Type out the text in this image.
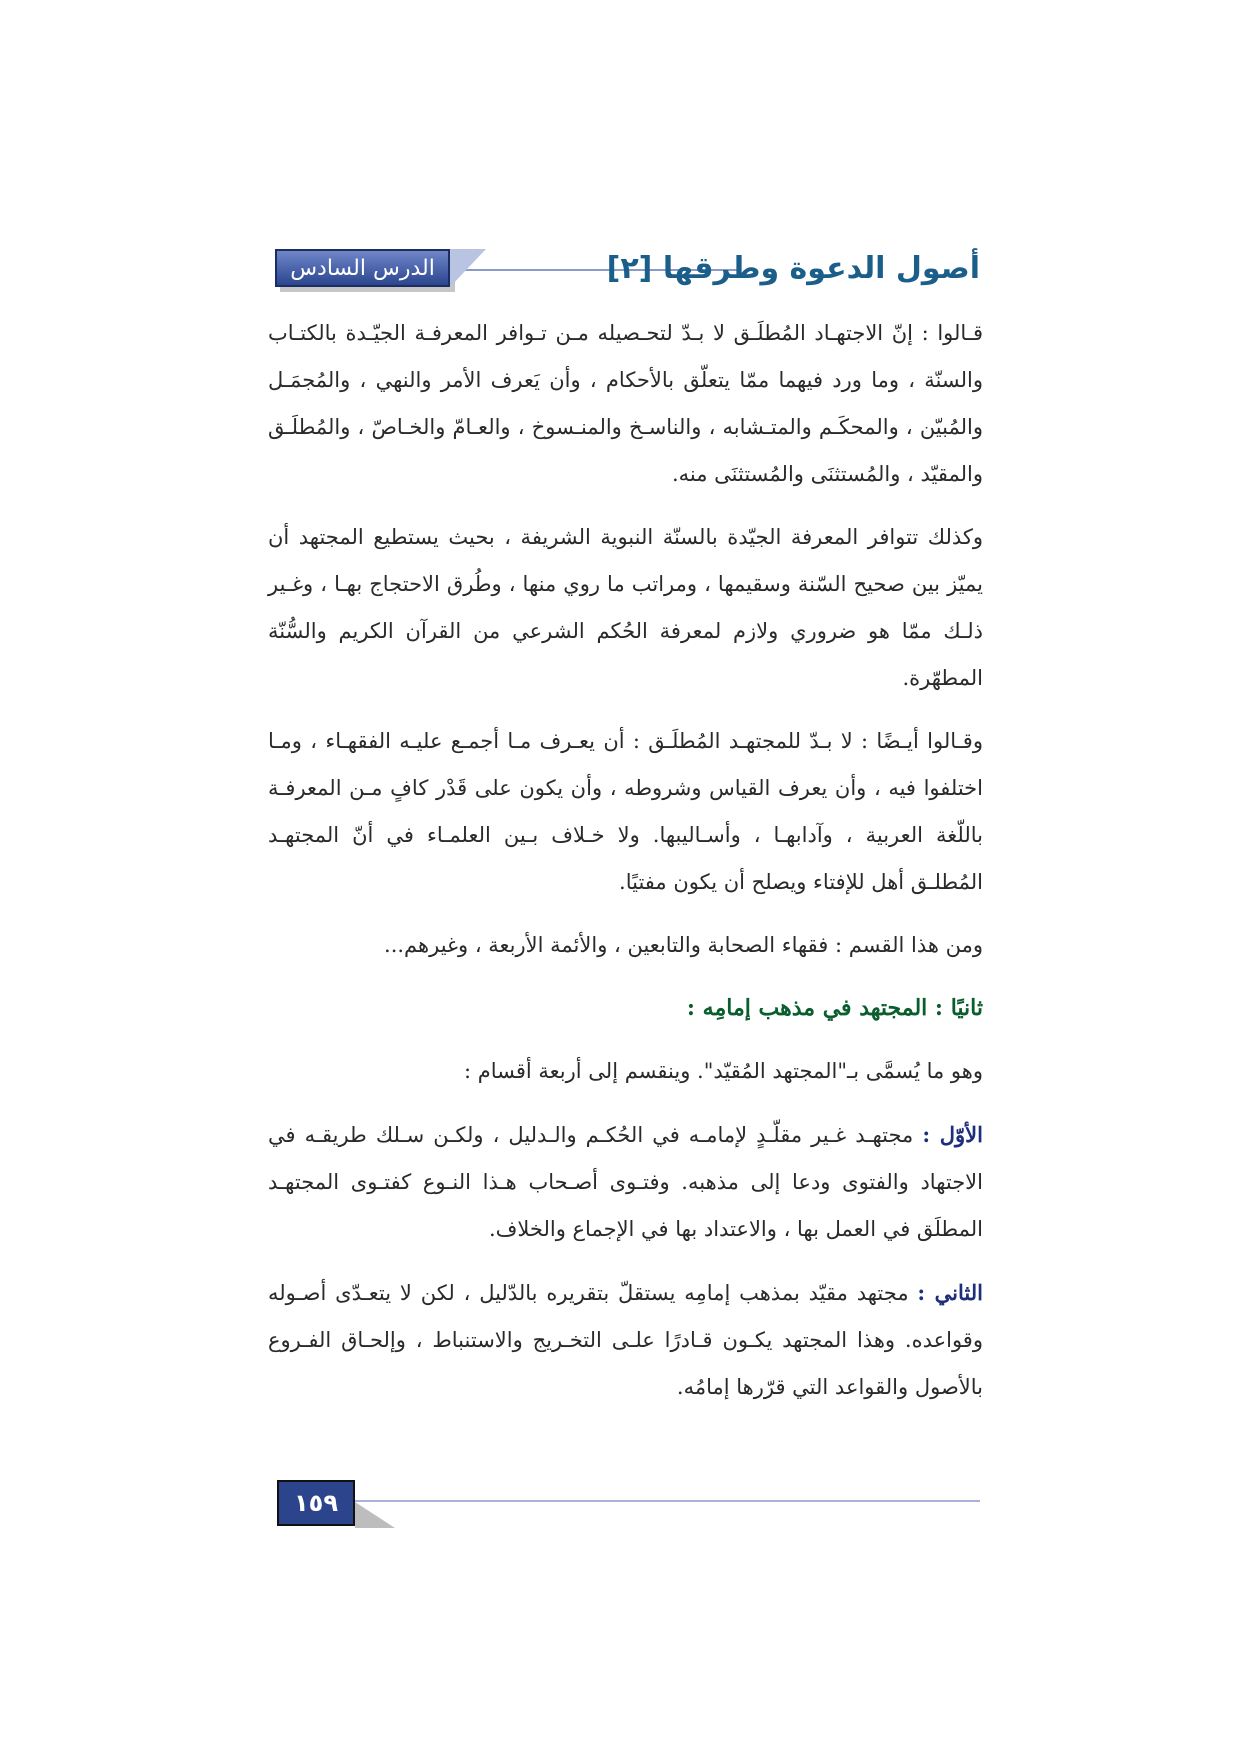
أصول الدعوة وطرقها [٢]
الدرس السادس

قـالوا : إنّ الاجتهـاد المُطلَـق لا بـدّ لتحـصيله مـن تـوافر المعرفـة الجيّـدة بالكتـاب والسنّة ، وما ورد فيهما ممّا يتعلّق بالأحكام ، وأن يَعرف الأمر والنهي ، والمُجمَـل والمُبيّن ، والمحكَـم والمتـشابه ، والناسـخ والمنـسوخ ، والعـامّ والخـاصّ ، والمُطلَـق والمقيّد ، والمُستثنَى والمُستثنَى منه.

وكذلك تتوافر المعرفة الجيّدة بالسنّة النبوية الشريفة ، بحيث يستطيع المجتهد أن يميّز بين صحيح السّنة وسقيمها ، ومراتب ما روي منها ، وطُرق الاحتجاج بهـا ، وغـير ذلـك ممّا هو ضروري ولازم لمعرفة الحُكم الشرعي من القرآن الكريم والسُّنّة المطهّرة.

وقـالوا أيـضًا : لا بـدّ للمجتهـد المُطلَـق : أن يعـرف مـا أجمـع عليـه الفقهـاء ، ومـا اختلفوا فيه ، وأن يعرف القياس وشروطه ، وأن يكون على قَدْر كافٍ مـن المعرفـة باللّغة العربية ، وآدابهـا ، وأسـاليبها. ولا خـلاف بـين العلمـاء في أنّ المجتهـد المُطلـق أهل للإفتاء ويصلح أن يكون مفتيًا.

ومن هذا القسم : فقهاء الصحابة والتابعين ، والأئمة الأربعة ، وغيرهم...

ثانيًا : المجتهد في مذهب إمامِه :

وهو ما يُسمَّى بـ"المجتهد المُقيّد". وينقسم إلى أربعة أقسام :

الأوّل : مجتهـد غـير مقلّـدٍ لإمامـه في الحُكـم والـدليل ، ولكـن سـلك طريقـه في الاجتهاد والفتوى ودعا إلى مذهبه. وفتـوى أصـحاب هـذا النـوع كفتـوى المجتهـد المطلَق في العمل بها ، والاعتداد بها في الإجماع والخلاف.

الثاني : مجتهد مقيّد بمذهب إمامِه يستقلّ بتقريره بالدّليل ، لكن لا يتعـدّى أصـوله وقواعده. وهذا المجتهد يكـون قـادرًا علـى التخـريج والاستنباط ، وإلحـاق الفـروع بالأصول والقواعد التي قرّرها إمامُه.

١٥٩
